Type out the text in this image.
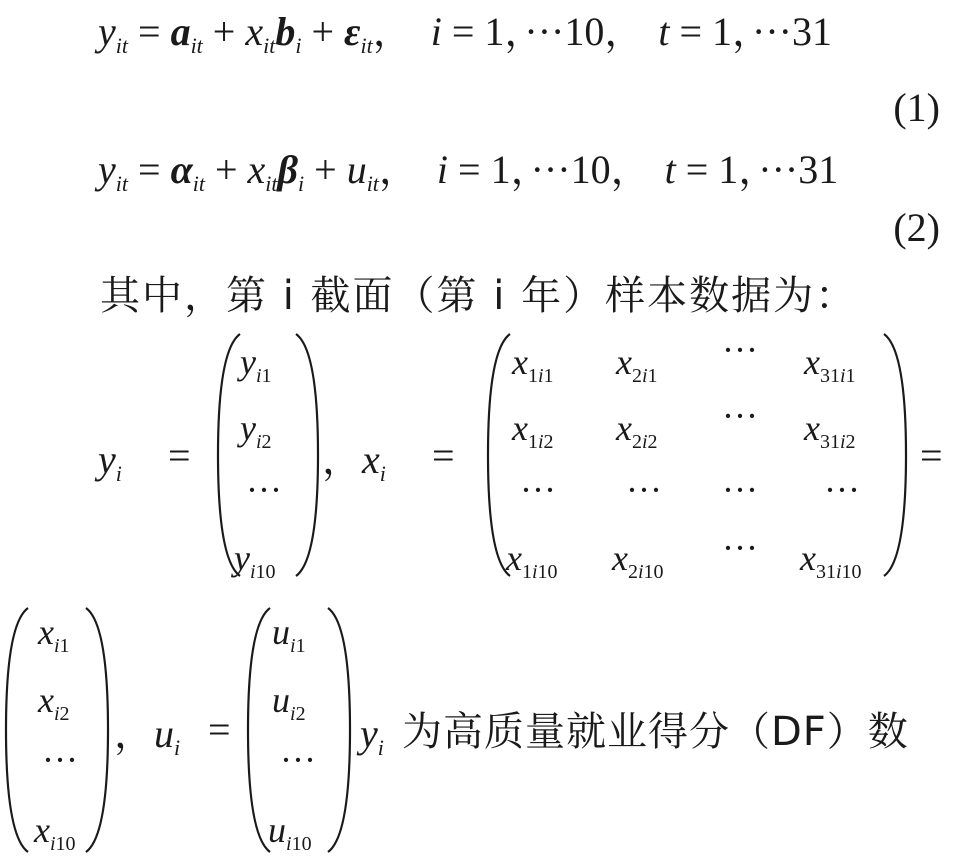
$y_{it} = a_{it} + x_{it}b_i + \varepsilon_{it}$， i = 1，···10， t = 1，···31
(1)
$y_{it} = \alpha_{it} + x_{it}\beta_i + u_{it}$， i = 1，···10， t = 1，···31
(2)
其中，第 i 截面（第 i 年）样本数据为：
$y_i$ =
$y_{i1}$
$y_{i2}$
···
$y_{i10}$
，$x_i$ =
$x_{1i1}$ $x_{2i1}$
··· $x_{31i1}$
$x_{1i2}$ $x_{2i2}$
··· $x_{31i2}$
··· ··· ··· ···
$x_{1i10}$ $x_{2i10}$
··· $x_{31i10}$
=
$x_{i1}$
$x_{i2}$
···
$x_{i10}$
，$u_i$ =
$u_{i1}$
$u_{i2}$
···
$u_{i10}$
$y_i$ 为高质量就业得分（DF）数
